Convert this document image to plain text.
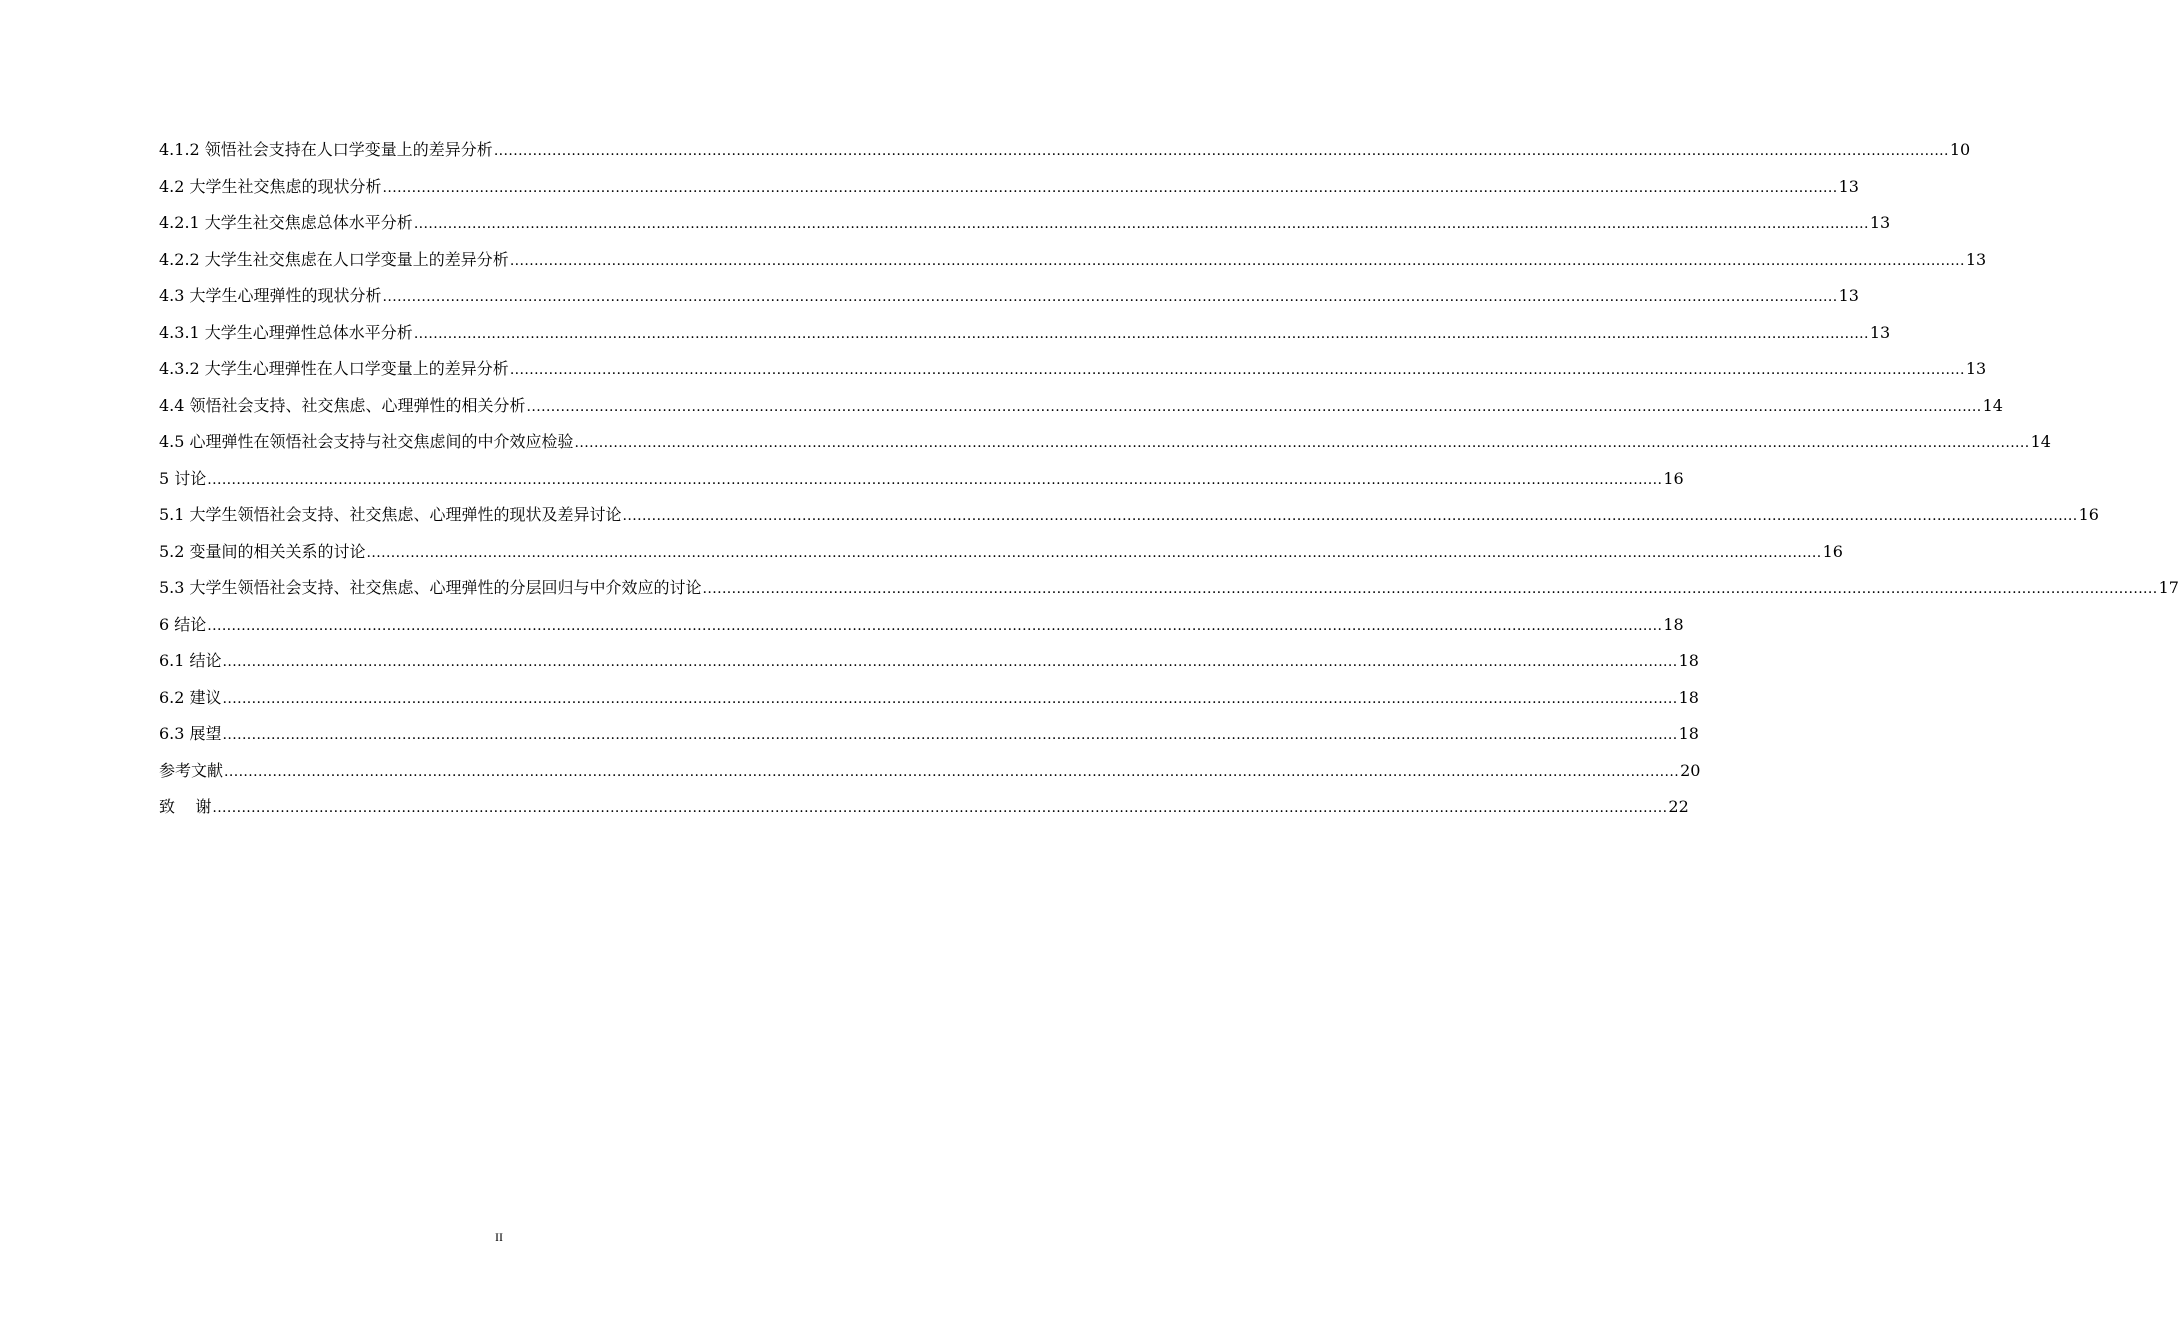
4.1.2 领悟社会支持在人口学变量上的差异分析 ............................................................................................................................................................................................................................................................................................................ 10
4.2 大学生社交焦虑的现状分析 ............................................................................................................................................................................................................................................................................................................ 13
4.2.1 大学生社交焦虑总体水平分析 ............................................................................................................................................................................................................................................................................................................ 13
4.2.2 大学生社交焦虑在人口学变量上的差异分析 ............................................................................................................................................................................................................................................................................................................ 13
4.3 大学生心理弹性的现状分析 ............................................................................................................................................................................................................................................................................................................ 13
4.3.1 大学生心理弹性总体水平分析 ............................................................................................................................................................................................................................................................................................................ 13
4.3.2 大学生心理弹性在人口学变量上的差异分析 ............................................................................................................................................................................................................................................................................................................ 13
4.4 领悟社会支持、社交焦虑、心理弹性的相关分析 ............................................................................................................................................................................................................................................................................................................ 14
4.5 心理弹性在领悟社会支持与社交焦虑间的中介效应检验 ............................................................................................................................................................................................................................................................................................................ 14
5 讨论 ............................................................................................................................................................................................................................................................................................................ 16
5.1 大学生领悟社会支持、社交焦虑、心理弹性的现状及差异讨论 ............................................................................................................................................................................................................................................................................................................ 16
5.2 变量间的相关关系的讨论 ............................................................................................................................................................................................................................................................................................................ 16
5.3 大学生领悟社会支持、社交焦虑、心理弹性的分层回归与中介效应的讨论 ............................................................................................................................................................................................................................................................................................................ 17
6 结论 ............................................................................................................................................................................................................................................................................................................ 18
6.1 结论 ............................................................................................................................................................................................................................................................................................................ 18
6.2 建议 ............................................................................................................................................................................................................................................................................................................ 18
6.3 展望 ............................................................................................................................................................................................................................................................................................................ 18
参考文献 ............................................................................................................................................................................................................................................................................................................ 20
致    谢 ............................................................................................................................................................................................................................................................................................................ 22
II
